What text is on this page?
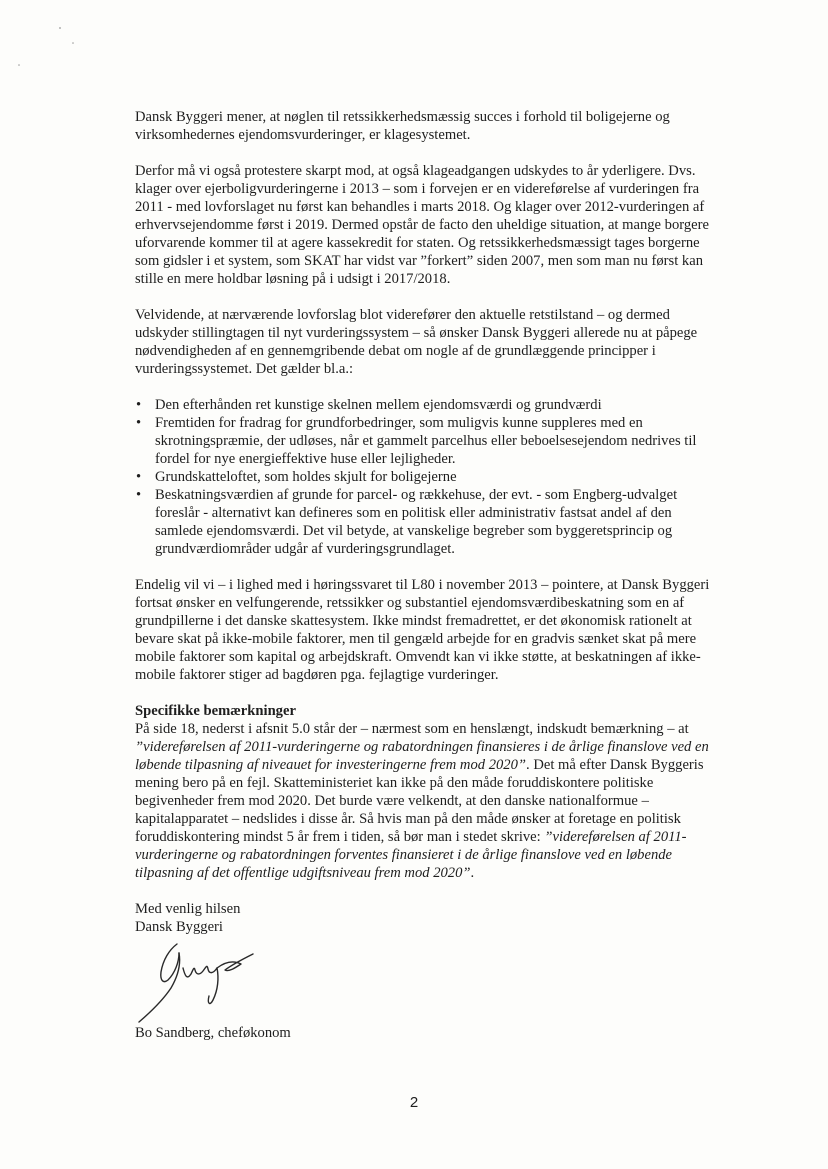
Dansk Byggeri mener, at nøglen til retssikkerhedsmæssig succes i forhold til boligejerne og virksomhedernes ejendomsvurderinger, er klagesystemet.

Derfor må vi også protestere skarpt mod, at også klageadgangen udskydes to år yderligere. Dvs. klager over ejerboligvurderingerne i 2013 – som i forvejen er en videreførelse af vurderingen fra 2011 - med lovforslaget nu først kan behandles i marts 2018. Og klager over 2012-vurderingen af erhvervsejendomme først i 2019. Dermed opstår de facto den uheldige situation, at mange borgere uforvarende kommer til at agere kassekredit for staten. Og retssikkerhedsmæssigt tages borgerne som gidsler i et system, som SKAT har vidst var ”forkert” siden 2007, men som man nu først kan stille en mere holdbar løsning på i udsigt i 2017/2018.

Velvidende, at nærværende lovforslag blot viderefører den aktuelle retstilstand – og dermed udskyder stillingtagen til nyt vurderingssystem – så ønsker Dansk Byggeri allerede nu at påpege nødvendigheden af en gennemgribende debat om nogle af de grundlæggende principper i vurderingssystemet. Det gælder bl.a.:

• Den efterhånden ret kunstige skelnen mellem ejendomsværdi og grundværdi
• Fremtiden for fradrag for grundforbedringer, som muligvis kunne suppleres med en skrotningspræmie, der udløses, når et gammelt parcelhus eller beboelsesejendom nedrives til fordel for nye energieffektive huse eller lejligheder.
• Grundskatteloftet, som holdes skjult for boligejerne
• Beskatningsværdien af grunde for parcel- og rækkehuse, der evt. - som Engberg-udvalget foreslår - alternativt kan defineres som en politisk eller administrativ fastsat andel af den samlede ejendomsværdi. Det vil betyde, at vanskelige begreber som byggeretsprincip og grundværdiområder udgår af vurderingsgrundlaget.

Endelig vil vi – i lighed med i høringssvaret til L80 i november 2013 – pointere, at Dansk Byggeri fortsat ønsker en velfungerende, retssikker og substantiel ejendomsværdibeskatning som en af grundpillerne i det danske skattesystem. Ikke mindst fremadrettet, er det økonomisk rationelt at bevare skat på ikke-mobile faktorer, men til gengæld arbejde for en gradvis sænket skat på mere mobile faktorer som kapital og arbejdskraft. Omvendt kan vi ikke støtte, at beskatningen af ikke-mobile faktorer stiger ad bagdøren pga. fejlagtige vurderinger.

Specifikke bemærkninger

På side 18, nederst i afsnit 5.0 står der – nærmest som en henslængt, indskudt bemærkning – at ”videreførelsen af 2011-vurderingerne og rabatordningen finansieres i de årlige finanslove ved en løbende tilpasning af niveauet for investeringerne frem mod 2020”. Det må efter Dansk Byggeris mening bero på en fejl. Skatteministeriet kan ikke på den måde foruddiskontere politiske begivenheder frem mod 2020. Det burde være velkendt, at den danske nationalformue – kapitalapparatet – nedslides i disse år. Så hvis man på den måde ønsker at foretage en politisk foruddiskontering mindst 5 år frem i tiden, så bør man i stedet skrive: ”videreførelsen af 2011-vurderingerne og rabatordningen forventes finansieret i de årlige finanslove ved en løbende tilpasning af det offentlige udgiftsniveau frem mod 2020”.

Med venlig hilsen

Dansk Byggeri

Bo Sandberg, cheføkonom

2
